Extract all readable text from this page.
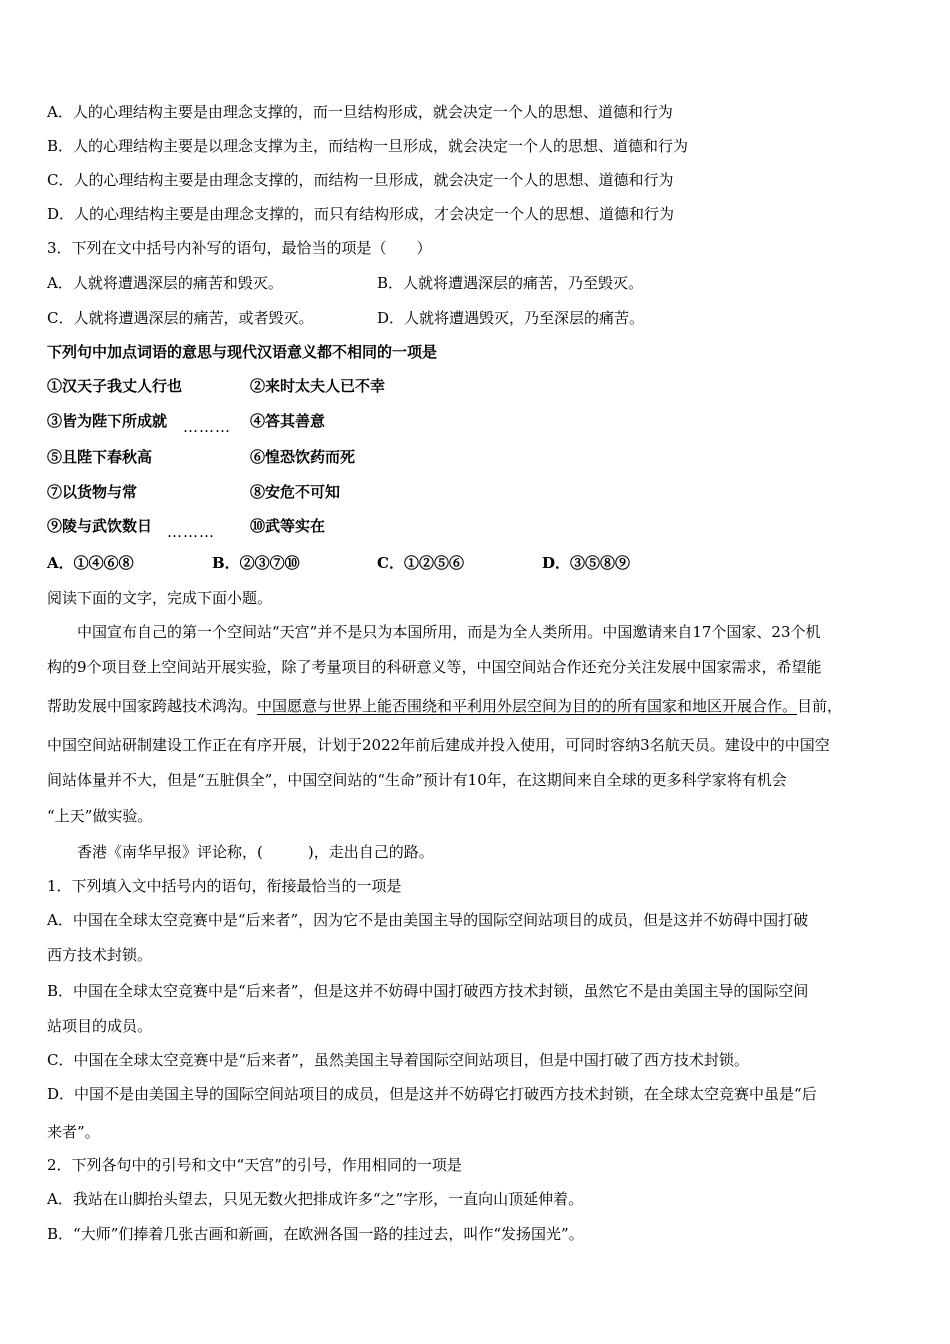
A．人的心理结构主要是由理念支撑的，而一旦结构形成，就会决定一个人的思想、道德和行为
B．人的心理结构主要是以理念支撑为主，而结构一旦形成，就会决定一个人的思想、道德和行为
C．人的心理结构主要是由理念支撑的，而结构一旦形成，就会决定一个人的思想、道德和行为
D．人的心理结构主要是由理念支撑的，而只有结构形成，才会决定一个人的思想、道德和行为
3．下列在文中括号内补写的语句，最恰当的项是（　　）
A．人就将遭遇深层的痛苦和毁灭。	B．人就将遭遇深层的痛苦，乃至毁灭。
C．人就将遭遇深层的痛苦，或者毁灭。	D．人就将遭遇毁灭，乃至深层的痛苦。
下列句中加点词语的意思与现代汉语意义都不相同的一项是
①汉天子我丈人行也	②来时太夫人已不幸
③皆为陛下所成就 ……… ④答其善意
⑤且陛下春秋高	⑥惶恐饮药而死
⑦以货物与常	⑧安危不可知
⑨陵与武饮数日 ……… ⑩武等实在
A．①④⑥⑧	B．②③⑦⑩	C．①②⑤⑥	D．③⑤⑧⑨
阅读下面的文字，完成下面小题。
中国宣布自己的第一个空间站“天宫”并不是只为本国所用，而是为全人类所用。中国邀请来自17个国家、23个机
构的9个项目登上空间站开展实验，除了考量项目的科研意义等，中国空间站合作还充分关注发展中国家需求，希望能
帮助发展中国家跨越技术鸿沟。中国愿意与世界上能否围绕和平利用外层空间为目的的所有国家和地区开展合作。目前，
中国空间站研制建设工作正在有序开展，计划于2022年前后建成并投入使用，可同时容纳3名航天员。建设中的中国空
间站体量并不大，但是“五脏俱全”，中国空间站的“生命”预计有10年，在这期间来自全球的更多科学家将有机会
“上天”做实验。
香港《南华早报》评论称，(　　　)，走出自己的路。
1．下列填入文中括号内的语句，衔接最恰当的一项是
A．中国在全球太空竞赛中是“后来者”，因为它不是由美国主导的国际空间站项目的成员，但是这并不妨碍中国打破
西方技术封锁。
B．中国在全球太空竞赛中是“后来者”，但是这并不妨碍中国打破西方技术封锁，虽然它不是由美国主导的国际空间
站项目的成员。
C．中国在全球太空竞赛中是“后来者”，虽然美国主导着国际空间站项目，但是中国打破了西方技术封锁。
D．中国不是由美国主导的国际空间站项目的成员，但是这并不妨碍它打破西方技术封锁，在全球太空竞赛中虽是“后
来者”。
2．下列各句中的引号和文中“天宫”的引号，作用相同的一项是
A．我站在山脚抬头望去，只见无数火把排成许多“之”字形，一直向山顶延伸着。
B．“大师”们捧着几张古画和新画，在欧洲各国一路的挂过去，叫作“发扬国光”。
